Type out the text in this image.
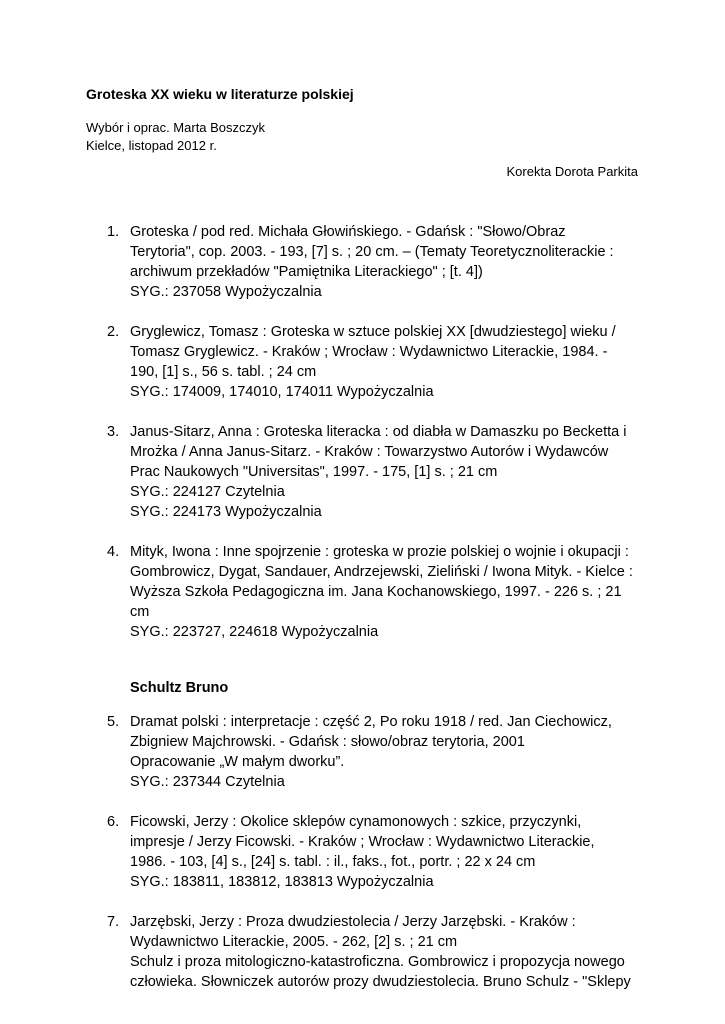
Groteska XX wieku w literaturze polskiej
Wybór i oprac. Marta Boszczyk
Kielce, listopad 2012 r.
Korekta Dorota Parkita
1. Groteska / pod red. Michała Głowińskiego. - Gdańsk : "Słowo/Obraz
Terytoria", cop. 2003. - 193, [7] s. ; 20 cm. – (Tematy Teoretycznoliterackie :
archiwum przekładów "Pamiętnika Literackiego" ; [t. 4])
SYG.: 237058 Wypożyczalnia
2. Gryglewicz, Tomasz : Groteska w sztuce polskiej XX [dwudziestego] wieku /
Tomasz Gryglewicz. - Kraków ; Wrocław : Wydawnictwo Literackie, 1984. -
190, [1] s., 56 s. tabl. ; 24 cm
SYG.: 174009, 174010, 174011 Wypożyczalnia
3. Janus-Sitarz, Anna : Groteska literacka : od diabła w Damaszku po Becketta i
Mrożka / Anna Janus-Sitarz. - Kraków : Towarzystwo Autorów i Wydawców
Prac Naukowych "Universitas", 1997. - 175, [1] s. ; 21 cm
SYG.: 224127 Czytelnia
SYG.: 224173 Wypożyczalnia
4. Mityk, Iwona : Inne spojrzenie : groteska w prozie polskiej o wojnie i okupacji :
Gombrowicz, Dygat, Sandauer, Andrzejewski, Zieliński / Iwona Mityk. - Kielce :
Wyższa Szkoła Pedagogiczna im. Jana Kochanowskiego, 1997. - 226 s. ; 21
cm
SYG.: 223727, 224618 Wypożyczalnia
Schultz Bruno
5. Dramat polski : interpretacje : część 2, Po roku 1918 / red. Jan Ciechowicz,
Zbigniew Majchrowski. - Gdańsk : słowo/obraz terytoria, 2001
Opracowanie „W małym dworku”.
SYG.: 237344 Czytelnia
6. Ficowski, Jerzy : Okolice sklepów cynamonowych : szkice, przyczynki,
impresje / Jerzy Ficowski. - Kraków ; Wrocław : Wydawnictwo Literackie,
1986. - 103, [4] s., [24] s. tabl. : il., faks., fot., portr. ; 22 x 24 cm
SYG.: 183811, 183812, 183813 Wypożyczalnia
7. Jarzębski, Jerzy : Proza dwudziestolecia / Jerzy Jarzębski. - Kraków :
Wydawnictwo Literackie, 2005. - 262, [2] s. ; 21 cm
Schulz i proza mitologiczno-katastroficzna. Gombrowicz i propozycja nowego
człowieka. Słowniczek autorów prozy dwudziestolecia. Bruno Schulz - "Sklepy
